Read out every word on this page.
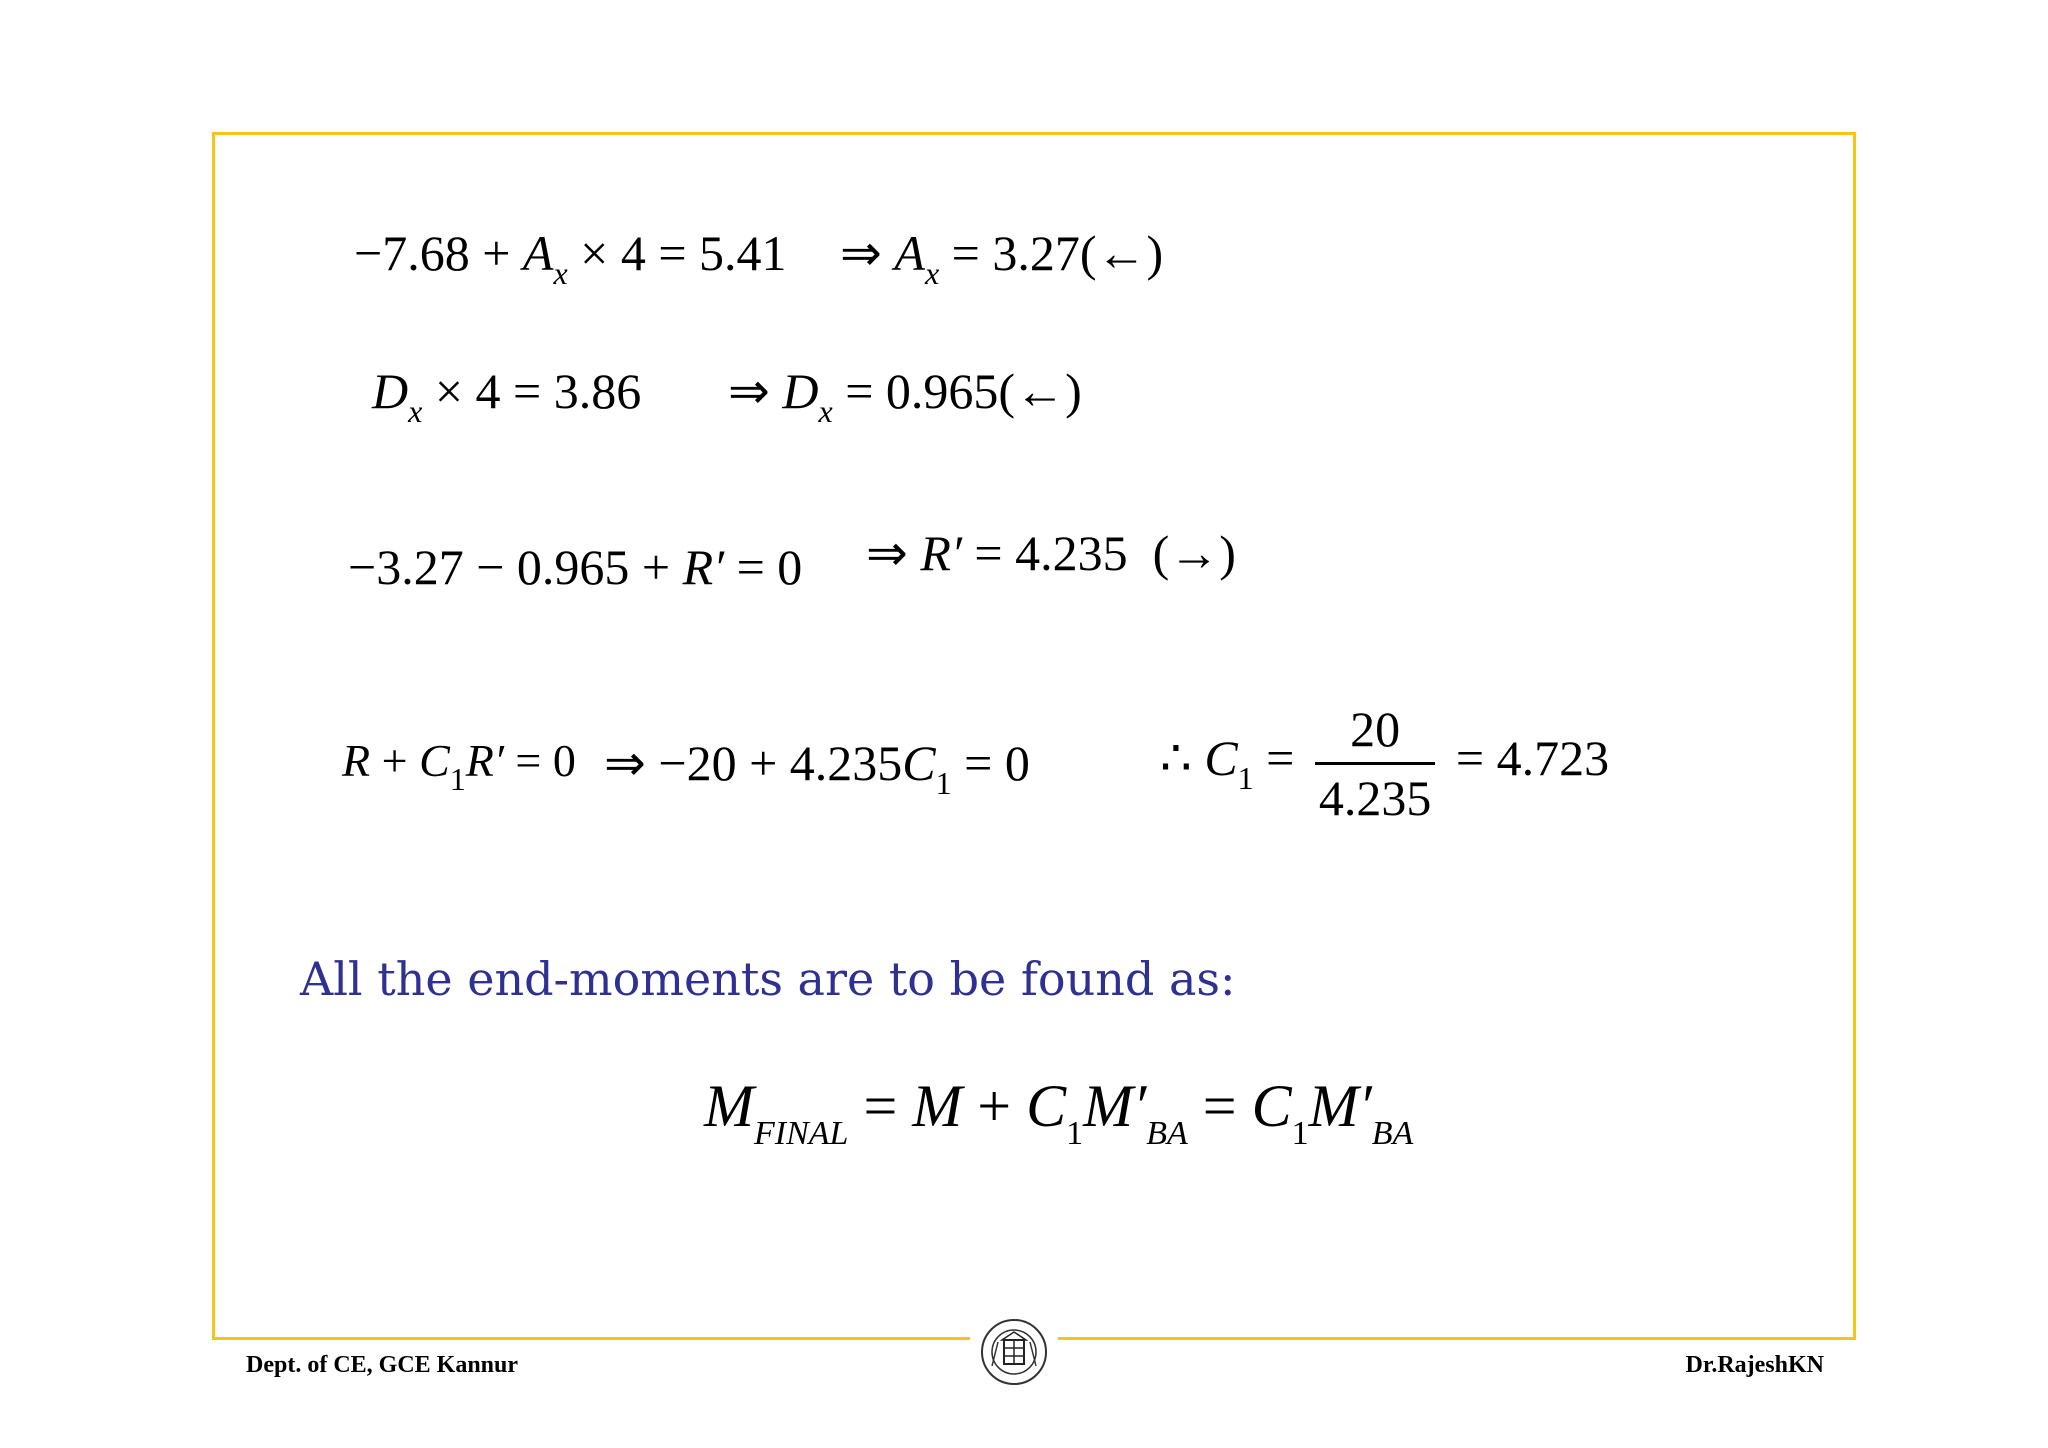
$-7.68 + A_x \times 4 = 5.41$ ⇒ $A_x$ = 3.27(←)
$D_x \times 4 = 3.86$ ⇒ $D_x$ = 0.965(←)
−3.27 − 0.965 + R′ = 0 ⇒ R′ = 4.235  (→)
$R + C_1R' = 0$ ⇒ $-20 + 4.235C_1 = 0$	∴ $C_1 = \frac{20}{4.235} = 4.723$
All the end-moments are to be found as:
$M_{FINAL} = M + C_1M'_{BA} = C_1M'_{BA}$
Dept. of CE, GCE Kannur	Dr.RajeshKN
